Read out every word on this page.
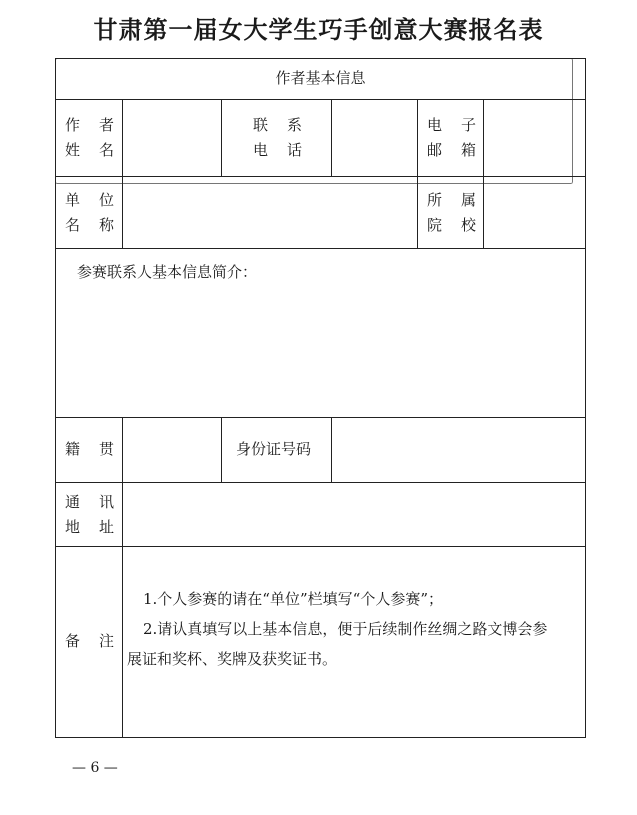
甘肃第一届女大学生巧手创意大赛报名表
作者基本信息
作者
姓名
联系
电话
电子
邮箱
单位
名称
所属
院校
参赛联系人基本信息简介：
籍贯	身份证号码
通讯
地址
备注
1.个人参赛的请在“单位”栏填写“个人参赛”；
2.请认真填写以上基本信息，便于后续制作丝绸之路文博会参
展证和奖杯、奖牌及获奖证书。
— 6 —
